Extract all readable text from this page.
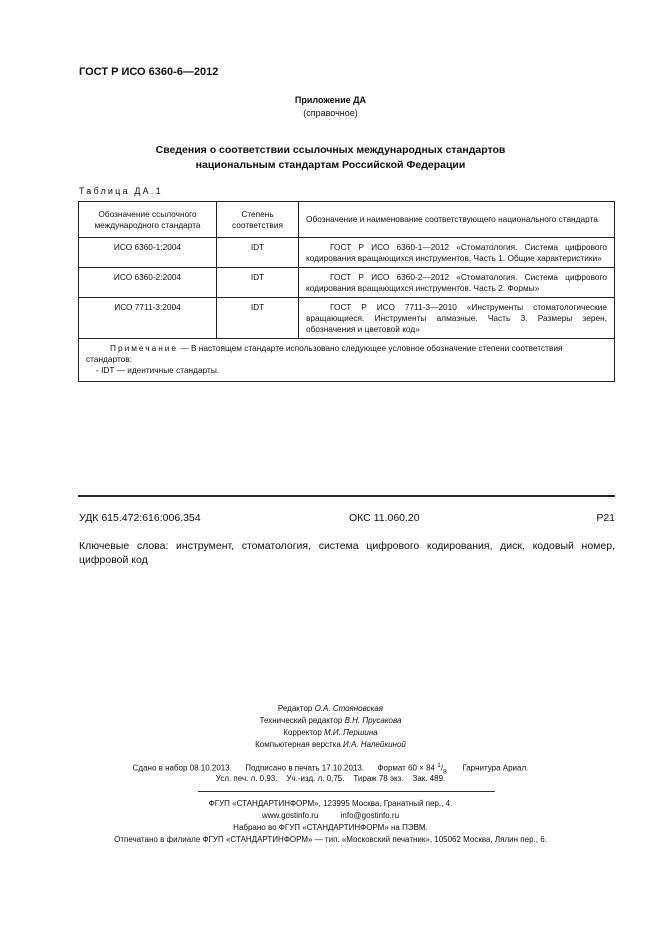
ГОСТ Р ИСО 6360-6—2012
Приложение ДА
(справочное)
Сведения о соответствии ссылочных международных стандартов
национальным стандартам Российской Федерации
Таблица ДА.1
Обозначение ссылочного международного стандарта	Степень соответствия	Обозначение и наименование соответствующего национального стандарта
ИСО 6360-1:2004	IDT	ГОСТ Р ИСО 6360-1—2012 «Стоматология. Система цифрового кодирования вращающихся инструментов. Часть 1. Общие характеристики»
ИСО 6360-2:2004	IDT	ГОСТ Р ИСО 6360-2—2012 «Стоматология. Система цифрового кодирования вращающихся инструментов. Часть 2. Формы»
ИСО 7711-3:2004	IDT	ГОСТ Р ИСО 7711-3—2010 «Инструменты стоматологические вращающиеся. Инструменты алмазные. Часть 3. Размеры зерен, обозначения и цветовой код»
Примечание — В настоящем стандарте использовано следующее условное обозначение степени соответствия стандартов:
- IDT — идентичные стандарты.		
УДК 615.472:616:006.354	ОКС 11.060.20	Р21
Ключевые слова: инструмент, стоматология, система цифрового кодирования, диск, кодовый номер, цифровой код
Редактор О.А. Стояновская
Технический редактор В.Н. Прусакова
Корректор М.И. Першина
Компьютерная верстка И.А. Налейкиной
Сдано в набор 08.10.2013. Подписано в печать 17.10.2013. Формат 60 × 84 $^1/_8$ Гарнитура Ариал.
Усл. печ. л. 0,93. Уч.-изд. л. 0,75. Тираж 78 экз. Зак. 489.
ФГУП «СТАНДАРТИНФОРМ», 123995 Москва, Гранатный пер., 4.
www.gostinfo.ru	info@gostinfo.ru
Набрано во ФГУП «СТАНДАРТИНФОРМ» на ПЭВМ.
Отпечатано в филиале ФГУП «СТАНДАРТИНФОРМ» — тип. «Московский печатник», 105062 Москва, Лялин пер., 6.
